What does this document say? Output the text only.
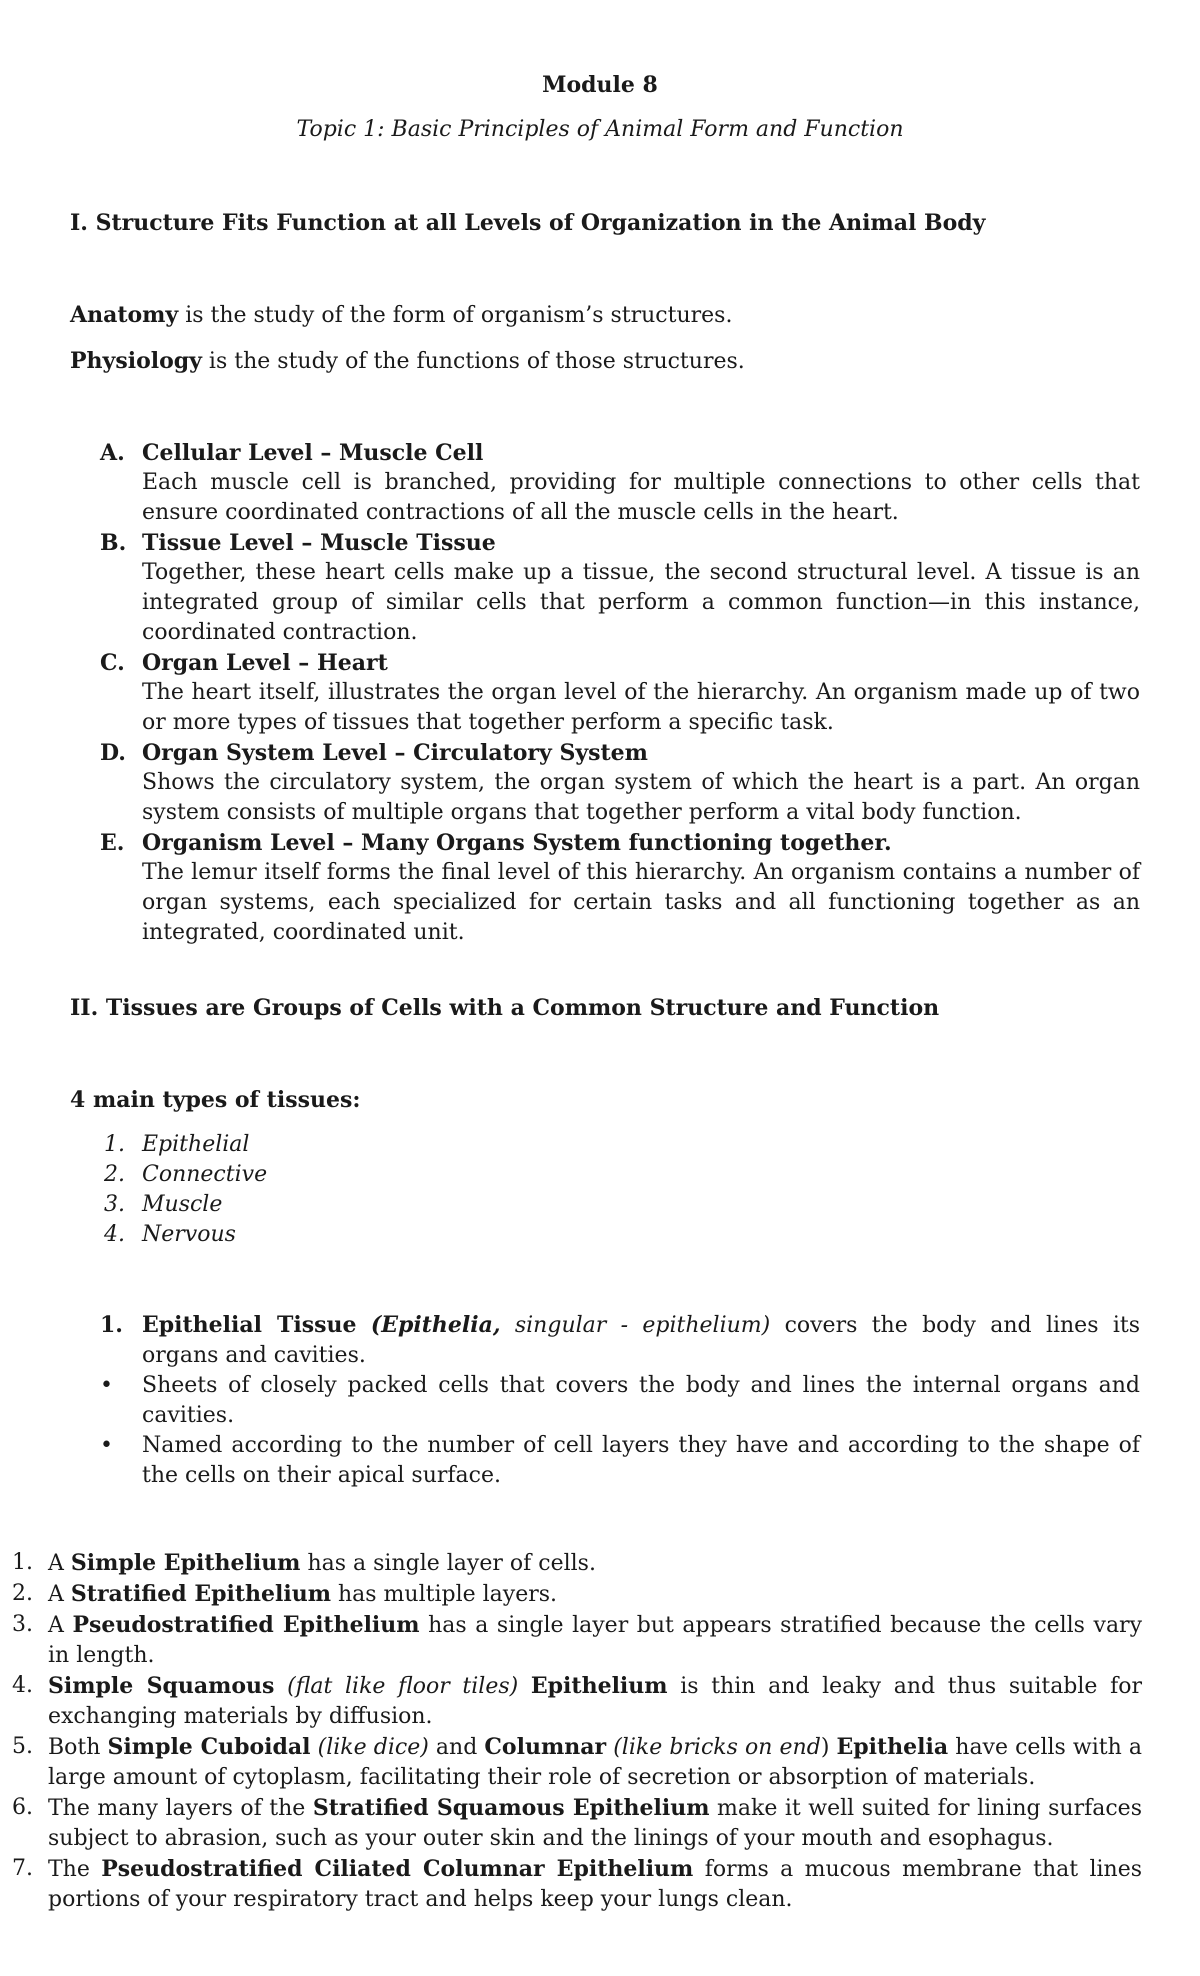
Module 8
Topic 1: Basic Principles of Animal Form and Function
I. Structure Fits Function at all Levels of Organization in the Animal Body
Anatomy is the study of the form of organism’s structures.
Physiology is the study of the functions of those structures.
A. Cellular Level – Muscle Cell
Each muscle cell is branched, providing for multiple connections to other cells that ensure coordinated contractions of all the muscle cells in the heart.
B. Tissue Level – Muscle Tissue
Together, these heart cells make up a tissue, the second structural level. A tissue is an integrated group of similar cells that perform a common function—in this instance, coordinated contraction.
C. Organ Level – Heart
The heart itself, illustrates the organ level of the hierarchy. An organism made up of two or more types of tissues that together perform a specific task.
D. Organ System Level – Circulatory System
Shows the circulatory system, the organ system of which the heart is a part. An organ system consists of multiple organs that together perform a vital body function.
E. Organism Level – Many Organs System functioning together.
The lemur itself forms the final level of this hierarchy. An organism contains a number of organ systems, each specialized for certain tasks and all functioning together as an integrated, coordinated unit.
II. Tissues are Groups of Cells with a Common Structure and Function
4 main types of tissues:
1. Epithelial
2. Connective
3. Muscle
4. Nervous
1. Epithelial Tissue (Epithelia, singular - epithelium) covers the body and lines its organs and cavities.
• Sheets of closely packed cells that covers the body and lines the internal organs and cavities.
• Named according to the number of cell layers they have and according to the shape of the cells on their apical surface.
1. A Simple Epithelium has a single layer of cells.
2. A Stratified Epithelium has multiple layers.
3. A Pseudostratified Epithelium has a single layer but appears stratified because the cells vary in length.
4. Simple Squamous (flat like floor tiles) Epithelium is thin and leaky and thus suitable for exchanging materials by diffusion.
5. Both Simple Cuboidal (like dice) and Columnar (like bricks on end) Epithelia have cells with a large amount of cytoplasm, facilitating their role of secretion or absorption of materials.
6. The many layers of the Stratified Squamous Epithelium make it well suited for lining surfaces subject to abrasion, such as your outer skin and the linings of your mouth and esophagus.
7. The Pseudostratified Ciliated Columnar Epithelium forms a mucous membrane that lines portions of your respiratory tract and helps keep your lungs clean.
